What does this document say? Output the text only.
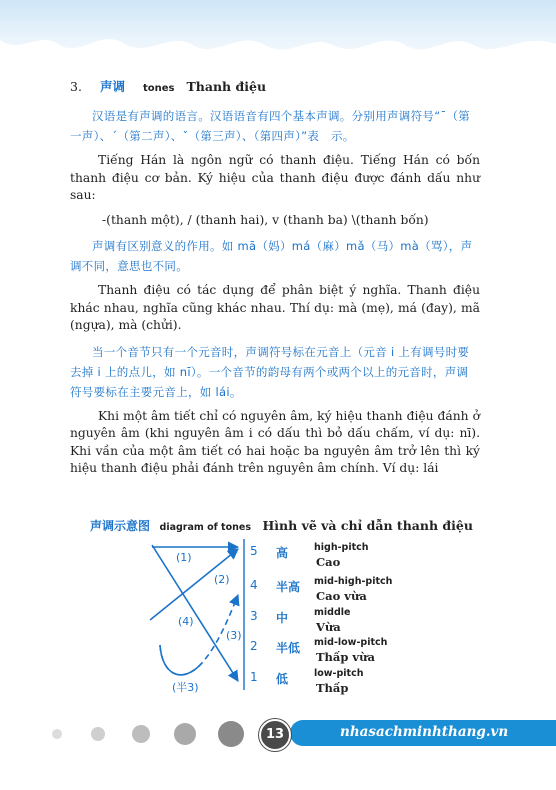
3. 声调 tones Thanh điệu

汉语是有声调的语言。汉语语音有四个基本声调。分别用声调符号“ˉ（第一声）、ˊ（第二声）、ˇ（第三声）、（第四声）”表　示。

Tiếng Hán là ngôn ngữ có thanh điệu. Tiếng Hán có bốn thanh điệu cơ bản. Ký hiệu của thanh điệu được đánh dấu như sau:

-(thanh một), / (thanh hai), v (thanh ba) \(thanh bốn)

声调有区别意义的作用。如 mā（妈）má（麻）mǎ（马）mà（骂），声调不同，意思也不同。

Thanh điệu có tác dụng để phân biệt ý nghĩa. Thanh điệu khác nhau, nghĩa cũng khác nhau. Thí dụ: mà (mẹ), má (đay), mã (ngựa), mà (chửi).

当一个音节只有一个元音时，声调符号标在元音上（元音 i 上有调号时要去掉 i 上的点儿，如 nī）。一个音节的韵母有两个或两个以上的元音时，声调符号要标在主要元音上，如 lái。

Khi một âm tiết chỉ có nguyên âm, ký hiệu thanh điệu đánh ở nguyên âm (khi nguyên âm i có dấu thì bỏ dấu chấm, ví dụ: nī). Khi vần của một âm tiết có hai hoặc ba nguyên âm trở lên thì ký hiệu thanh điệu phải đánh trên nguyên âm chính. Ví dụ: lái

声调示意图 diagram of tones Hình vẽ và chỉ dẫn thanh điệu
(1)
(2)
(4)
(3)
(半3)
5 高	high-pitch
Cao
4 半高 mid-high-pitch
Cao vừa
3 中	middle
Vừa
2 半低 mid-low-pitch
Thấp vừa
1 低	low-pitch
Thấp
nhasachminhthang.vn
13
